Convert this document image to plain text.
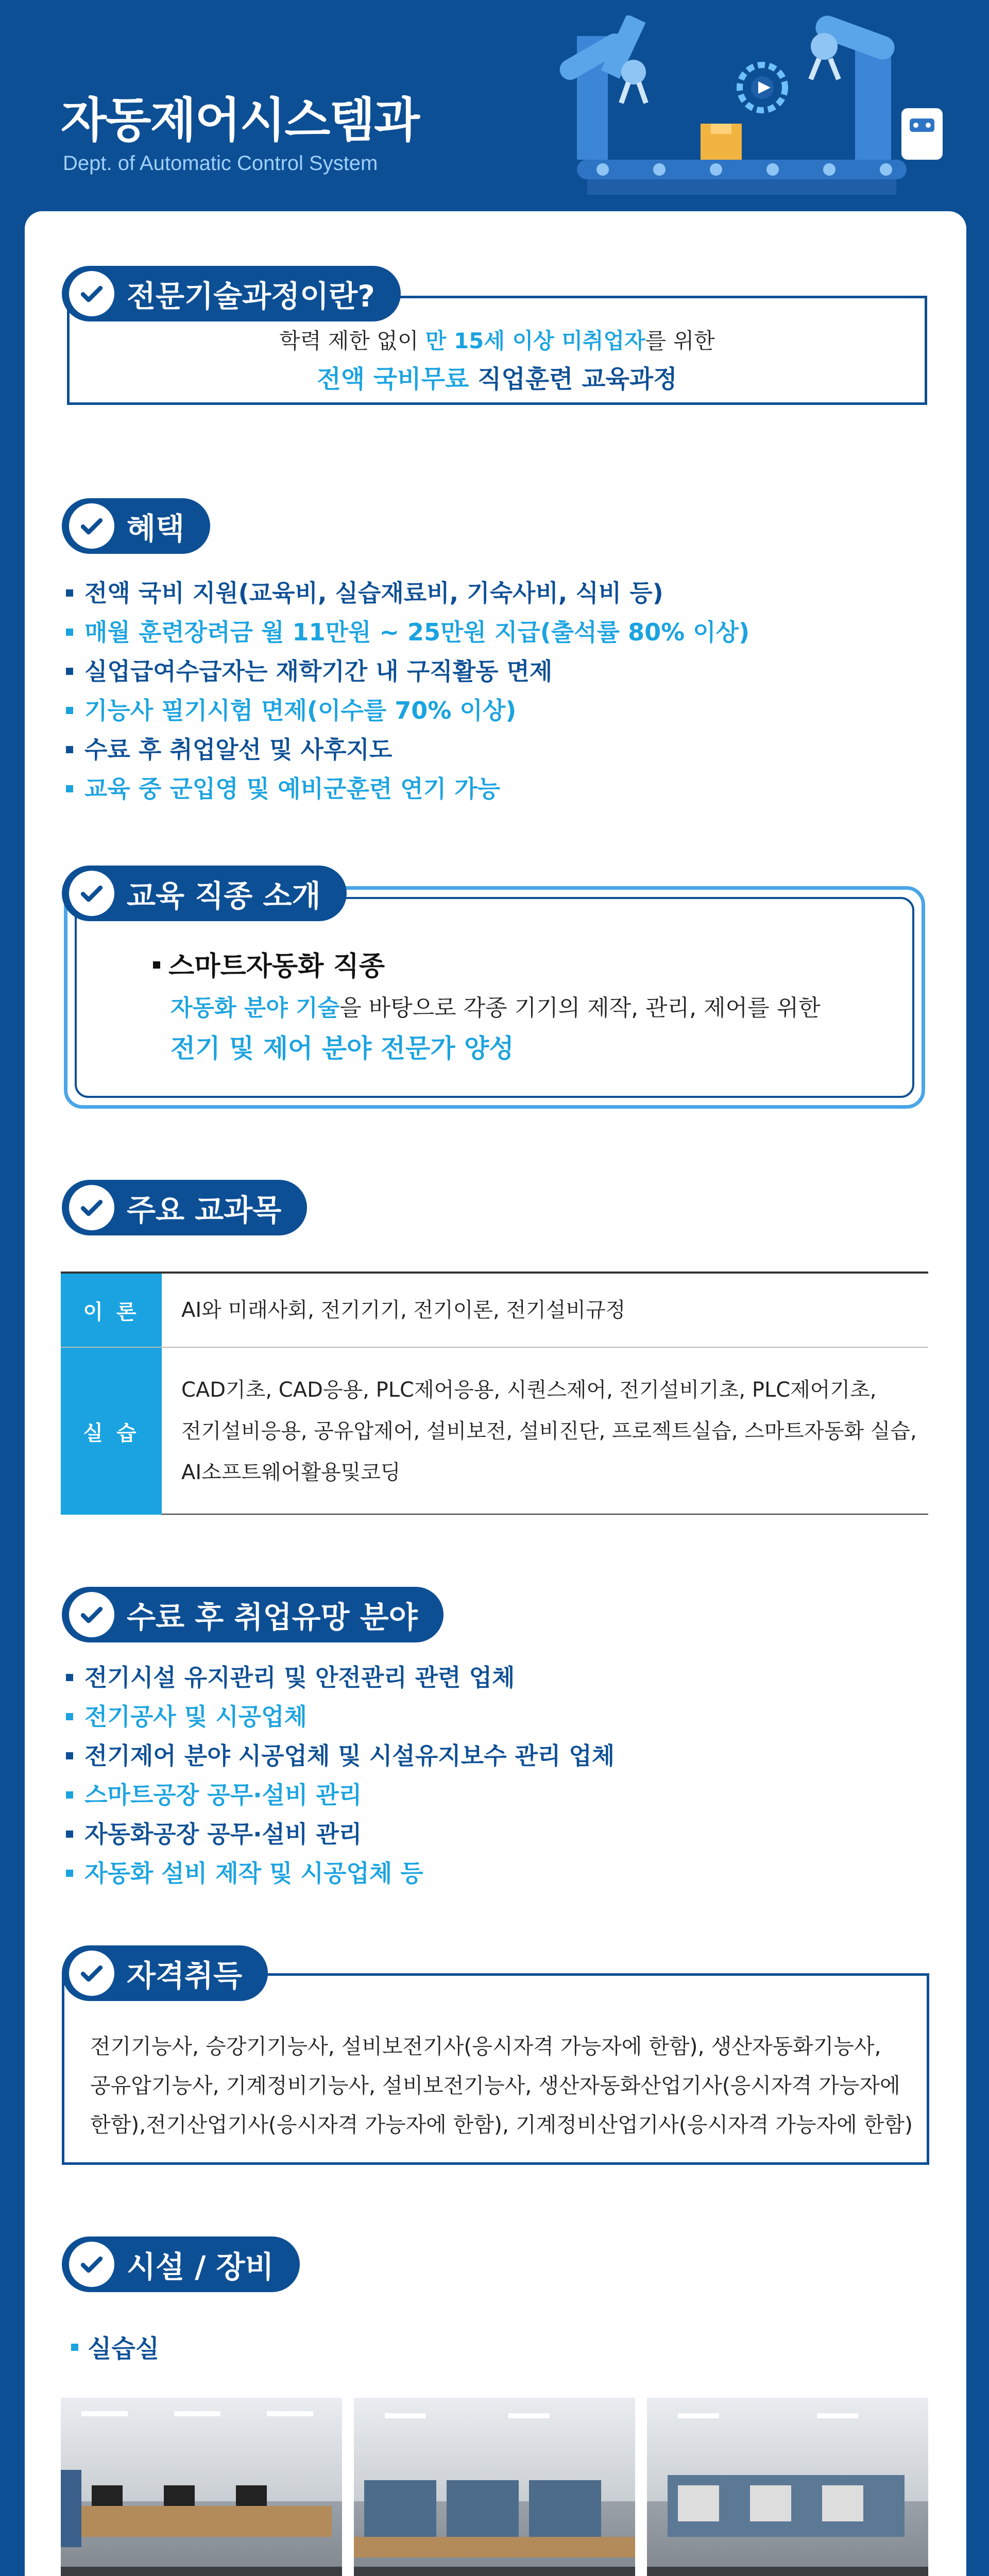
자동제어시스템과
Dept. of Automatic Control System
학력 제한 없이 만 15세 이상 미취업자를 위한
전액 국비무료 직업훈련 교육과정
전문기술과정이란?
혜택
전액 국비 지원(교육비, 실습재료비, 기숙사비, 식비 등)
매월 훈련장려금 월 11만원 ~ 25만원 지급(출석률 80% 이상)
실업급여수급자는 재학기간 내 구직활동 면제
기능사 필기시험 면제(이수를 70% 이상)
수료 후 취업알선 및 사후지도
교육 중 군입영 및 예비군훈련 연기 가능
스마트자동화 직종
자동화 분야 기술을 바탕으로 각종 기기의 제작, 관리, 제어를 위한
전기 및 제어 분야 전문가 양성
교육 직종 소개
주요 교과목
이 론	AI와 미래사회, 전기기기, 전기이론, 전기설비규정
실 습
CAD기초, CAD응용, PLC제어응용, 시퀀스제어, 전기설비기초, PLC제어기초,
전기설비응용, 공유압제어, 설비보전, 설비진단, 프로젝트실습, 스마트자동화 실습,
AI소프트웨어활용및코딩
수료 후 취업유망 분야
전기시설 유지관리 및 안전관리 관련 업체
전기공사 및 시공업체
전기제어 분야 시공업체 및 시설유지보수 관리 업체
스마트공장 공무·설비 관리
자동화공장 공무·설비 관리
자동화 설비 제작 및 시공업체 등
전기기능사, 승강기기능사, 설비보전기사(응시자격 가능자에 한함), 생산자동화기능사,
공유압기능사, 기계정비기능사, 설비보전기능사, 생산자동화산업기사(응시자격 가능자에
한함),전기산업기사(응시자격 가능자에 한함), 기계정비산업기사(응시자격 가능자에 한함)
자격취득
시설 / 장비
실습실
